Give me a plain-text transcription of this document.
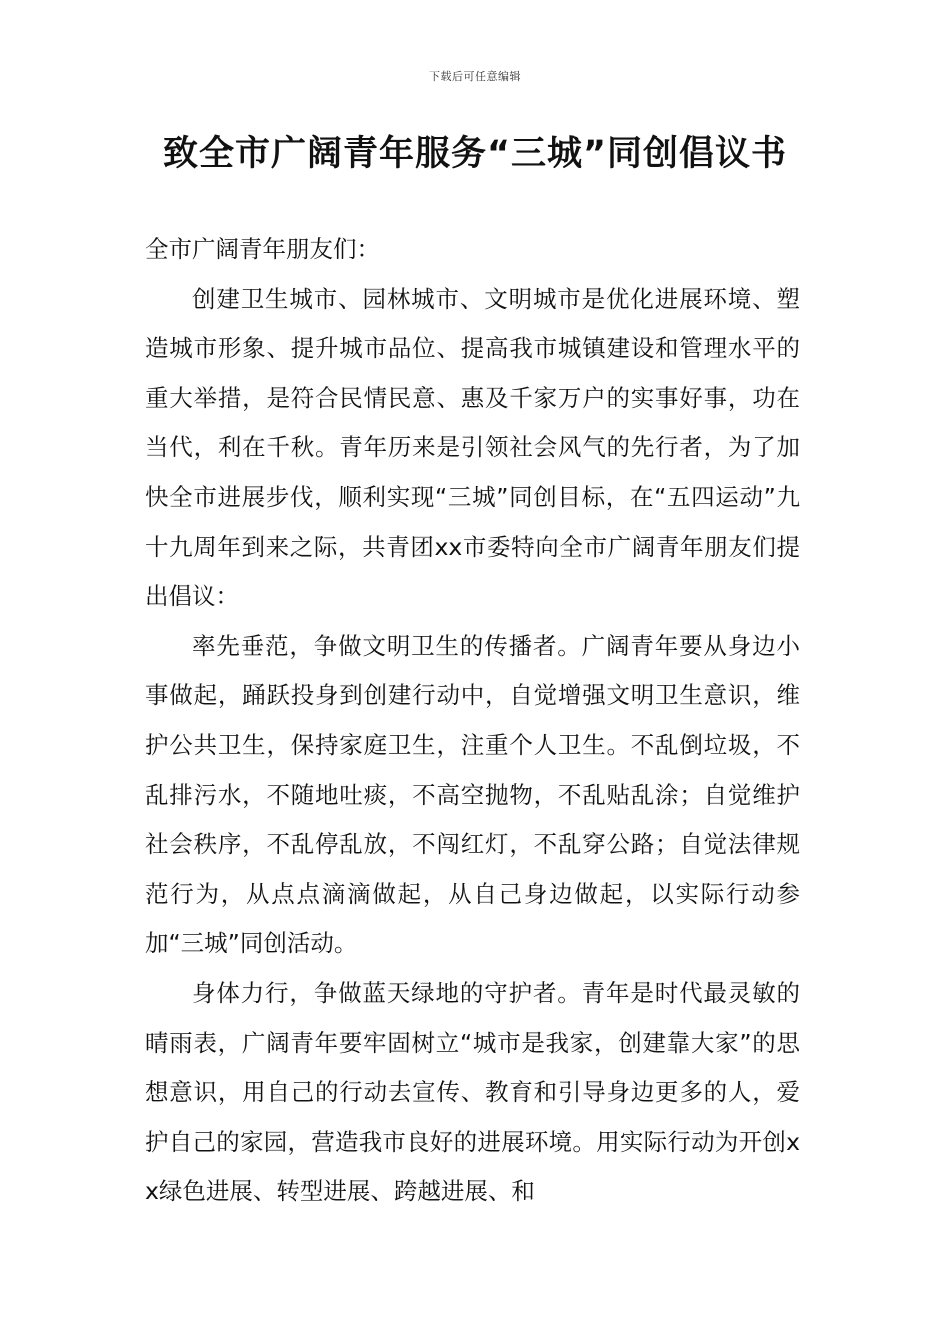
下载后可任意编辑
致全市广阔青年服务“三城”同创倡议书

全市广阔青年朋友们：

创建卫生城市、园林城市、文明城市是优化进展环境、塑造城市形象、提升城市品位、提高我市城镇建设和管理水平的重大举措，是符合民情民意、惠及千家万户的实事好事，功在当代，利在千秋。青年历来是引领社会风气的先行者，为了加快全市进展步伐，顺利实现“三城”同创目标，在“五四运动”九十九周年到来之际，共青团xx市委特向全市广阔青年朋友们提出倡议：

率先垂范，争做文明卫生的传播者。广阔青年要从身边小事做起，踊跃投身到创建行动中，自觉增强文明卫生意识，维护公共卫生，保持家庭卫生，注重个人卫生。不乱倒垃圾，不乱排污水，不随地吐痰，不高空抛物，不乱贴乱涂；自觉维护社会秩序，不乱停乱放，不闯红灯，不乱穿公路；自觉法律规范行为，从点点滴滴做起，从自己身边做起，以实际行动参加“三城”同创活动。

身体力行，争做蓝天绿地的守护者。青年是时代最灵敏的晴雨表，广阔青年要牢固树立“城市是我家，创建靠大家”的思想意识，用自己的行动去宣传、教育和引导身边更多的人，爱护自己的家园，营造我市良好的进展环境。用实际行动为开创xx绿色进展、转型进展、跨越进展、和
